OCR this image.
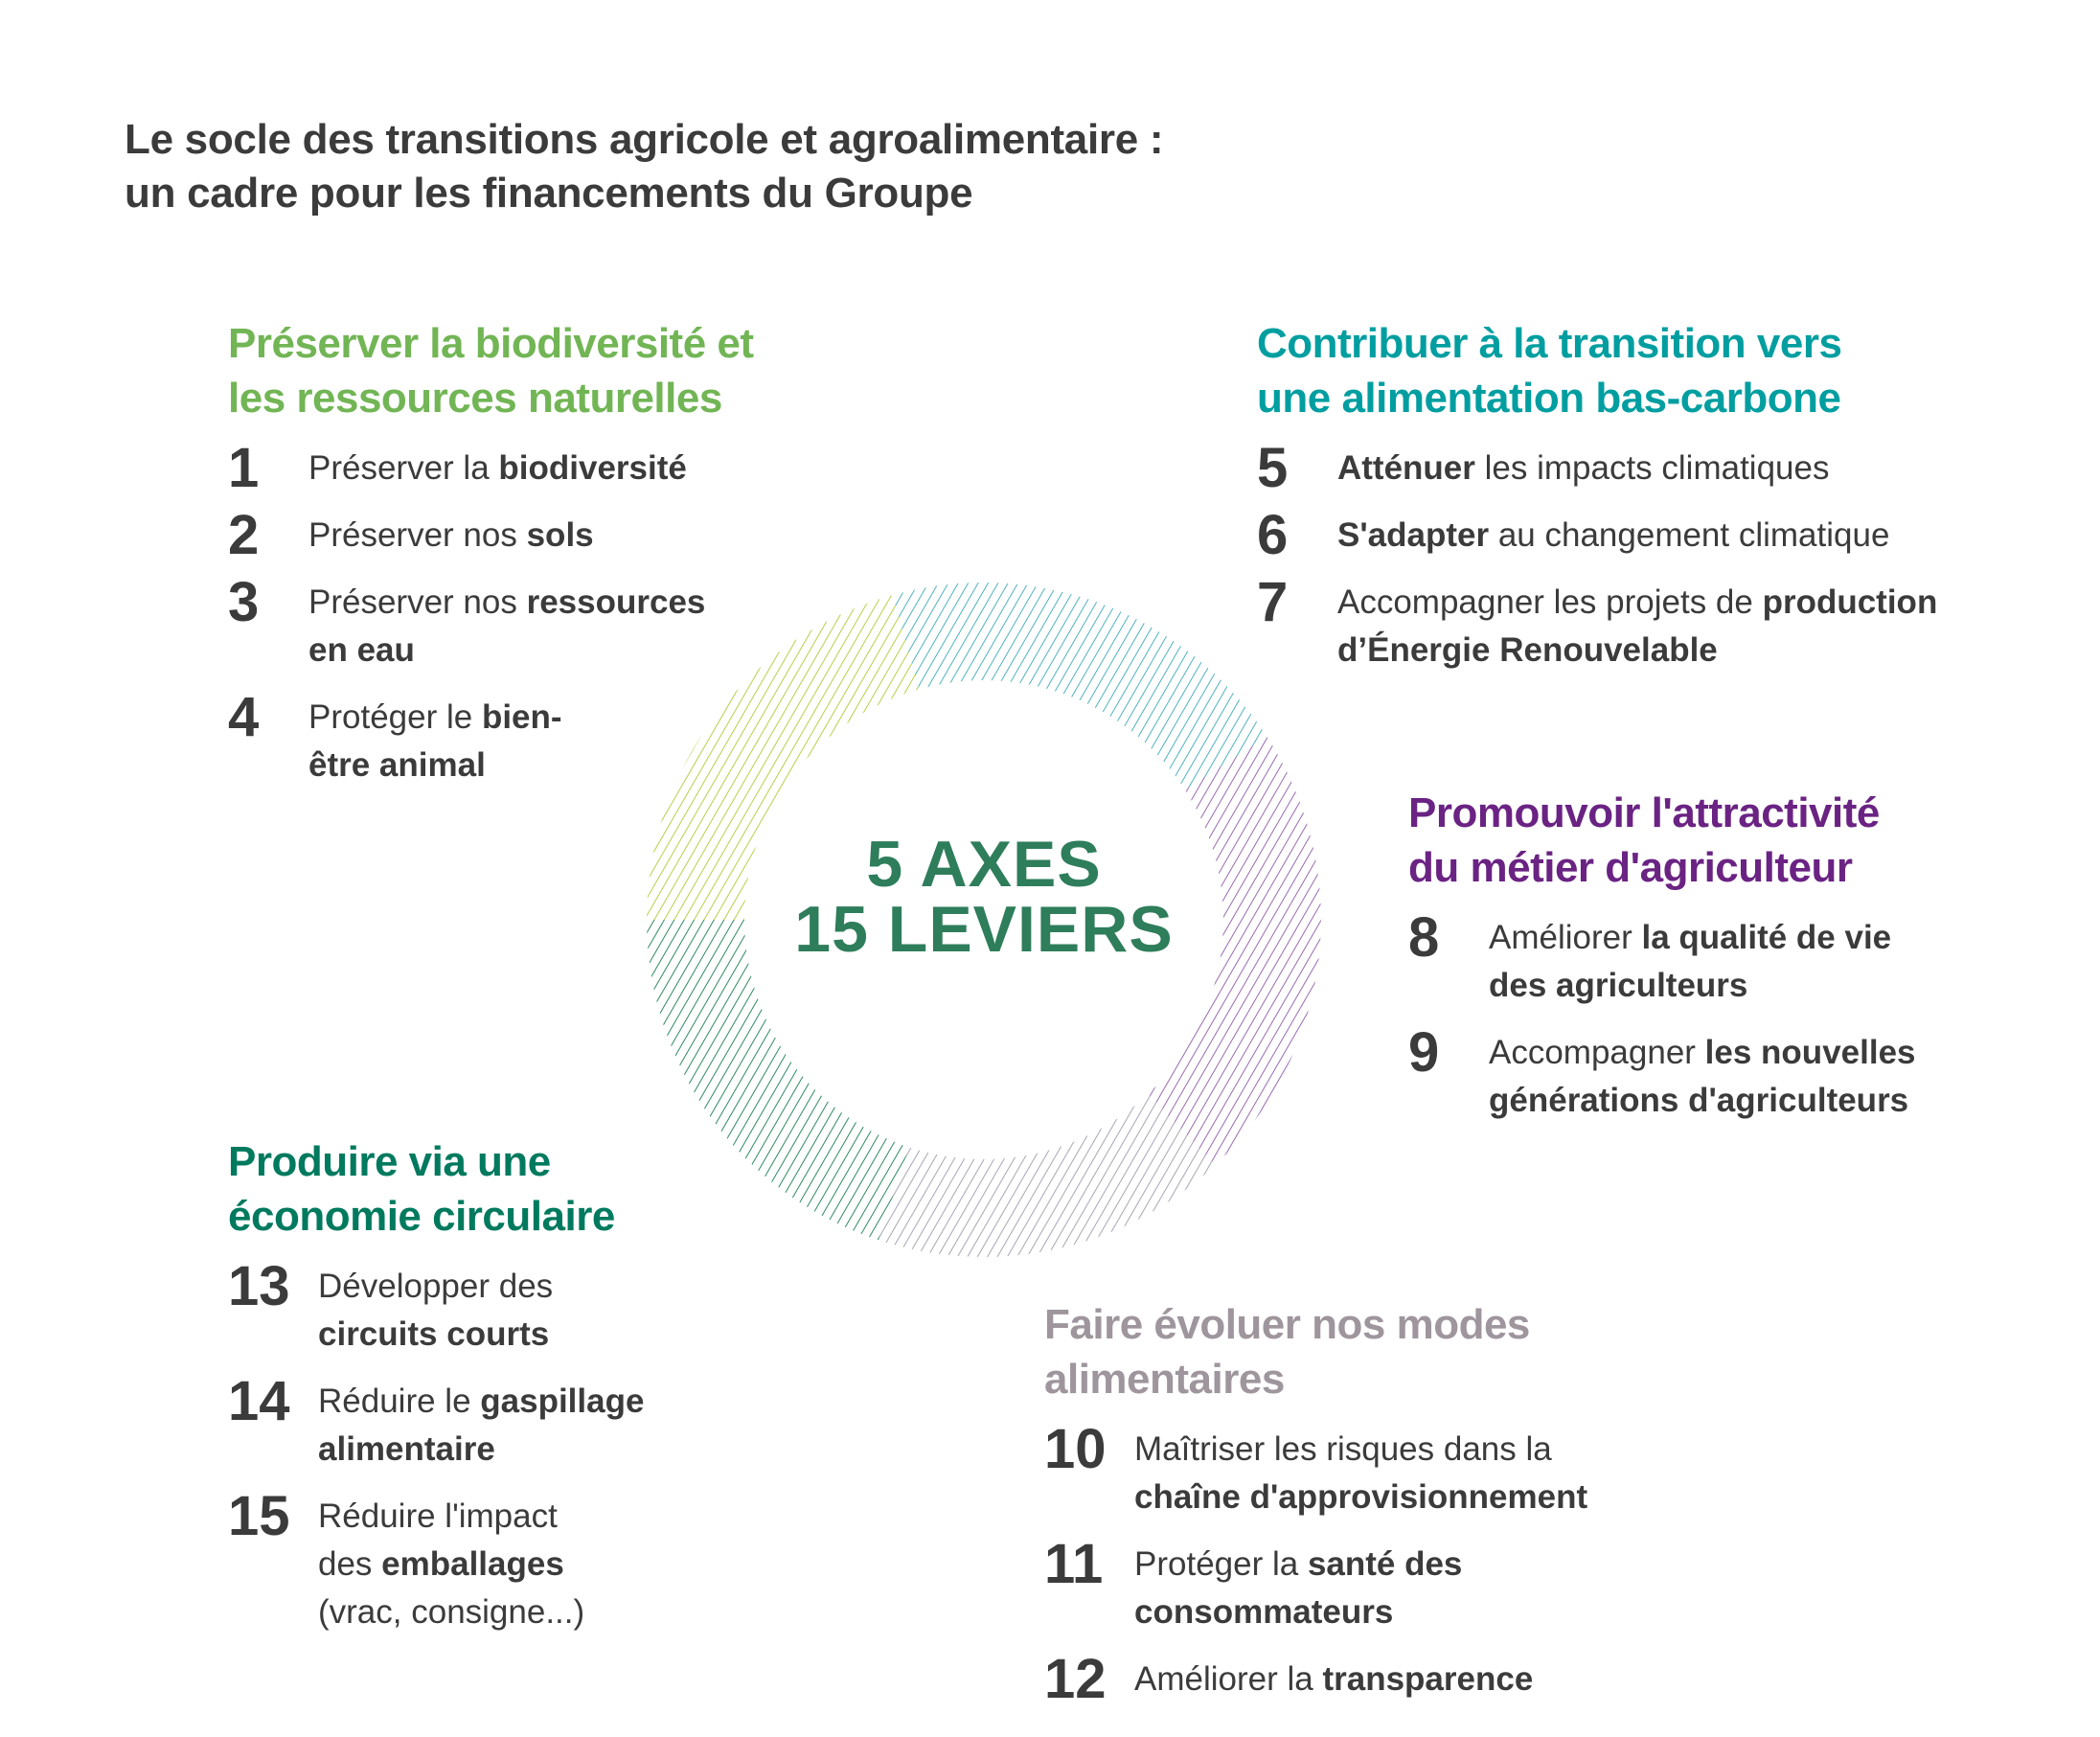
Le socle des transitions agricole et agroalimentaire :
un cadre pour les financements du Groupe
5 AXES
15 LEVIERS
Préserver la biodiversité et
les ressources naturelles
1	Préserver la biodiversité
2	Préserver nos sols
3	Préserver nos ressources en eau
4	Protéger le bien-être animal
Contribuer à la transition vers
une alimentation bas-carbone
5	Atténuer les impacts climatiques
6	S'adapter au changement climatique
7	Accompagner les projets de production d’Énergie Renouvelable
Promouvoir l'attractivité
du métier d'agriculteur
8	Améliorer la qualité de vie des agriculteurs
9	Accompagner les nouvelles générations d'agriculteurs
Produire via une
économie circulaire
13 Développer des circuits courts
14 Réduire le gaspillage alimentaire
15 Réduire l'impact des emballages (vrac, consigne...)
Faire évoluer nos modes
alimentaires
10 Maîtriser les risques dans la chaîne d'approvisionnement
11 Protéger la santé des consommateurs
12 Améliorer la transparence
